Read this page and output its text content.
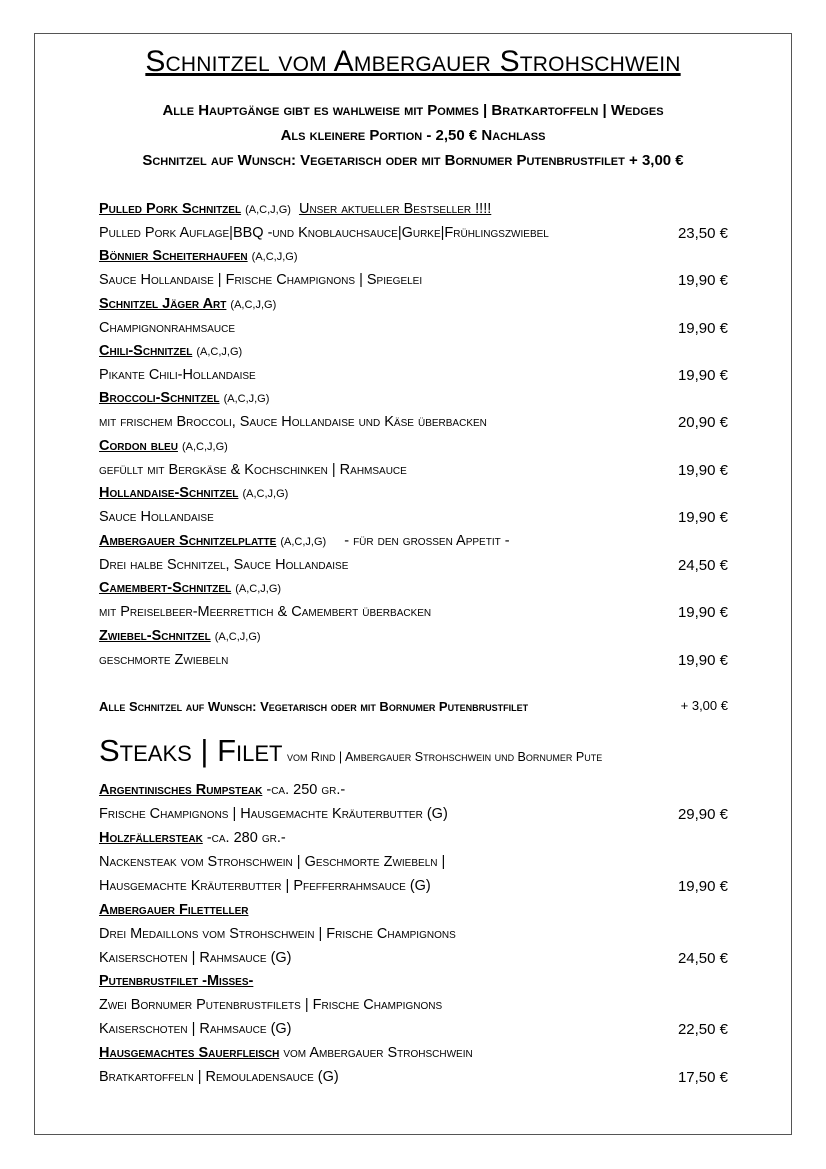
Schnitzel vom Ambergauer Strohschwein
Alle Hauptgänge gibt es wahlweise mit Pommes | Bratkartoffeln | Wedges
Als kleinere Portion - 2,50 € Nachlass
Schnitzel auf Wunsch: Vegetarisch oder mit Bornumer Putenbrustfilet + 3,00 €
Pulled Pork Schnitzel (A,C,J,G) Unser aktueller Bestseller !!!!
Pulled Pork Auflage|BBQ -und Knoblauchsauce|Gurke|Frühlingszwiebel	23,50 €
Bönnier Scheiterhaufen (A,C,J,G)
Sauce Hollandaise | Frische Champignons | Spiegelei	19,90 €
Schnitzel Jäger Art (A,C,J,G)
Champignonrahmsauce	19,90 €
Chili-Schnitzel (A,C,J,G)
Pikante Chili-Hollandaise	19,90 €
Broccoli-Schnitzel (A,C,J,G)
mit frischem Broccoli, Sauce Hollandaise und Käse überbacken	20,90 €
Cordon bleu (A,C,J,G)
gefüllt mit Bergkäse & Kochschinken | Rahmsauce	19,90 €
Hollandaise-Schnitzel (A,C,J,G)
Sauce Hollandaise	19,90 €
Ambergauer Schnitzelplatte (A,C,J,G) - für den großen Appetit -
Drei halbe Schnitzel, Sauce Hollandaise	24,50 €
Camembert-Schnitzel (A,C,J,G)
mit Preiselbeer-Meerrettich & Camembert überbacken	19,90 €
Zwiebel-Schnitzel (A,C,J,G)
geschmorte Zwiebeln	19,90 €
Alle Schnitzel auf Wunsch: Vegetarisch oder mit Bornumer Putenbrustfilet	+ 3,00 €
Steaks | Filet vom Rind | Ambergauer Strohschwein und Bornumer Pute
Argentinisches Rumpsteak -ca. 250 gr.-
Frische Champignons | Hausgemachte Kräuterbutter (G)	29,90 €
Holzfällersteak -ca. 280 gr.-
Nackensteak vom Strohschwein | Geschmorte Zwiebeln |
Hausgemachte Kräuterbutter | Pfefferrahmsauce (G)	19,90 €
Ambergauer Filetteller
Drei Medaillons vom Strohschwein | Frische Champignons
Kaiserschoten | Rahmsauce (G)	24,50 €
Putenbrustfilet -Misses-
Zwei Bornumer Putenbrustfilets | Frische Champignons
Kaiserschoten | Rahmsauce (G)	22,50 €
Hausgemachtes Sauerfleisch vom Ambergauer Strohschwein
Bratkartoffeln | Remouladensauce (G)	17,50 €
